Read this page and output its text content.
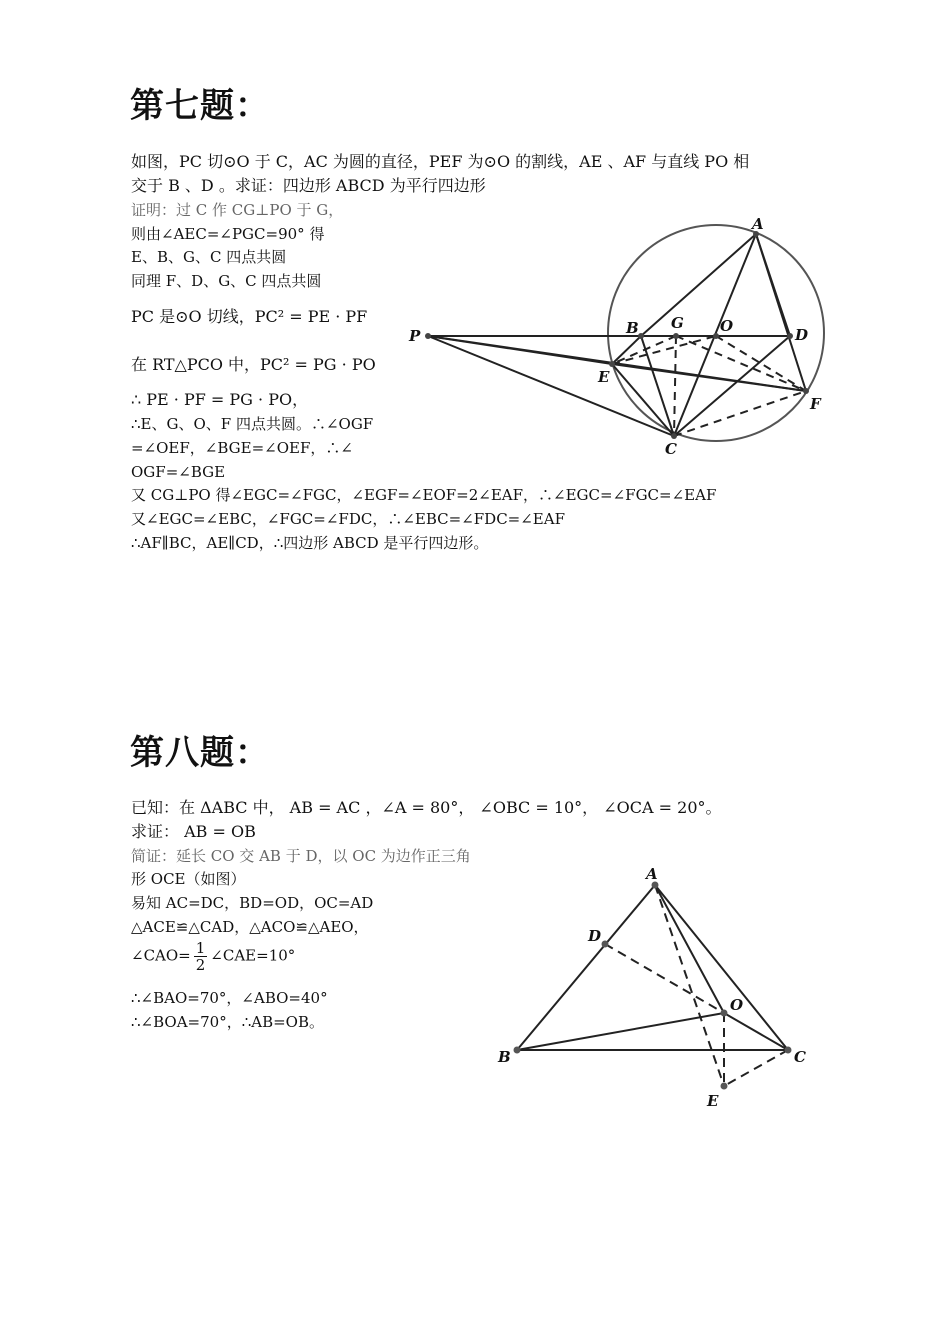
第七题：
如图，PC 切⊙O 于 C，AC 为圆的直径，PEF 为⊙O 的割线，AE 、AF 与直线 PO 相
交于 B 、D 。求证：四边形 ABCD 为平行四边形
证明：过 C 作 CG⊥PO 于 G，
则由∠AEC=∠PGC=90° 得
E、B、G、C 四点共圆
同理 F、D、G、C 四点共圆
PC 是⊙O 切线，PC² = PE · PF
在 RT△PCO 中，PC² = PG · PO
∴ PE · PF = PG · PO，
∴E、G、O、F 四点共圆。∴∠OGF
=∠OEF，∠BGE=∠OEF，∴∠
OGF=∠BGE
又 CG⊥PO 得∠EGC=∠FGC，∠EGF=∠EOF=2∠EAF，∴∠EGC=∠FGC=∠EAF
又∠EGC=∠EBC，∠FGC=∠FDC，∴∠EBC=∠FDC=∠EAF
∴AF∥BC，AE∥CD，∴四边形 ABCD 是平行四边形。
A
B G O	D
P
E
F
C
第八题：
已知：在 ΔABC 中， AB = AC ，∠A = 80°， ∠OBC = 10°， ∠OCA = 20°。
求证： AB = OB
简证：延长 CO 交 AB 于 D，以 OC 为边作正三角
形 OCE（如图）
易知 AC=DC，BD=OD，OC=AD
△ACE≌△CAD，△ACO≌△AEO，
∠CAO= $\frac{1}{2}$ ∠CAE=10°
∴∠BAO=70°，∠ABO=40°
∴∠BOA=70°，∴AB=OB。
A
D
O
B	C
E
